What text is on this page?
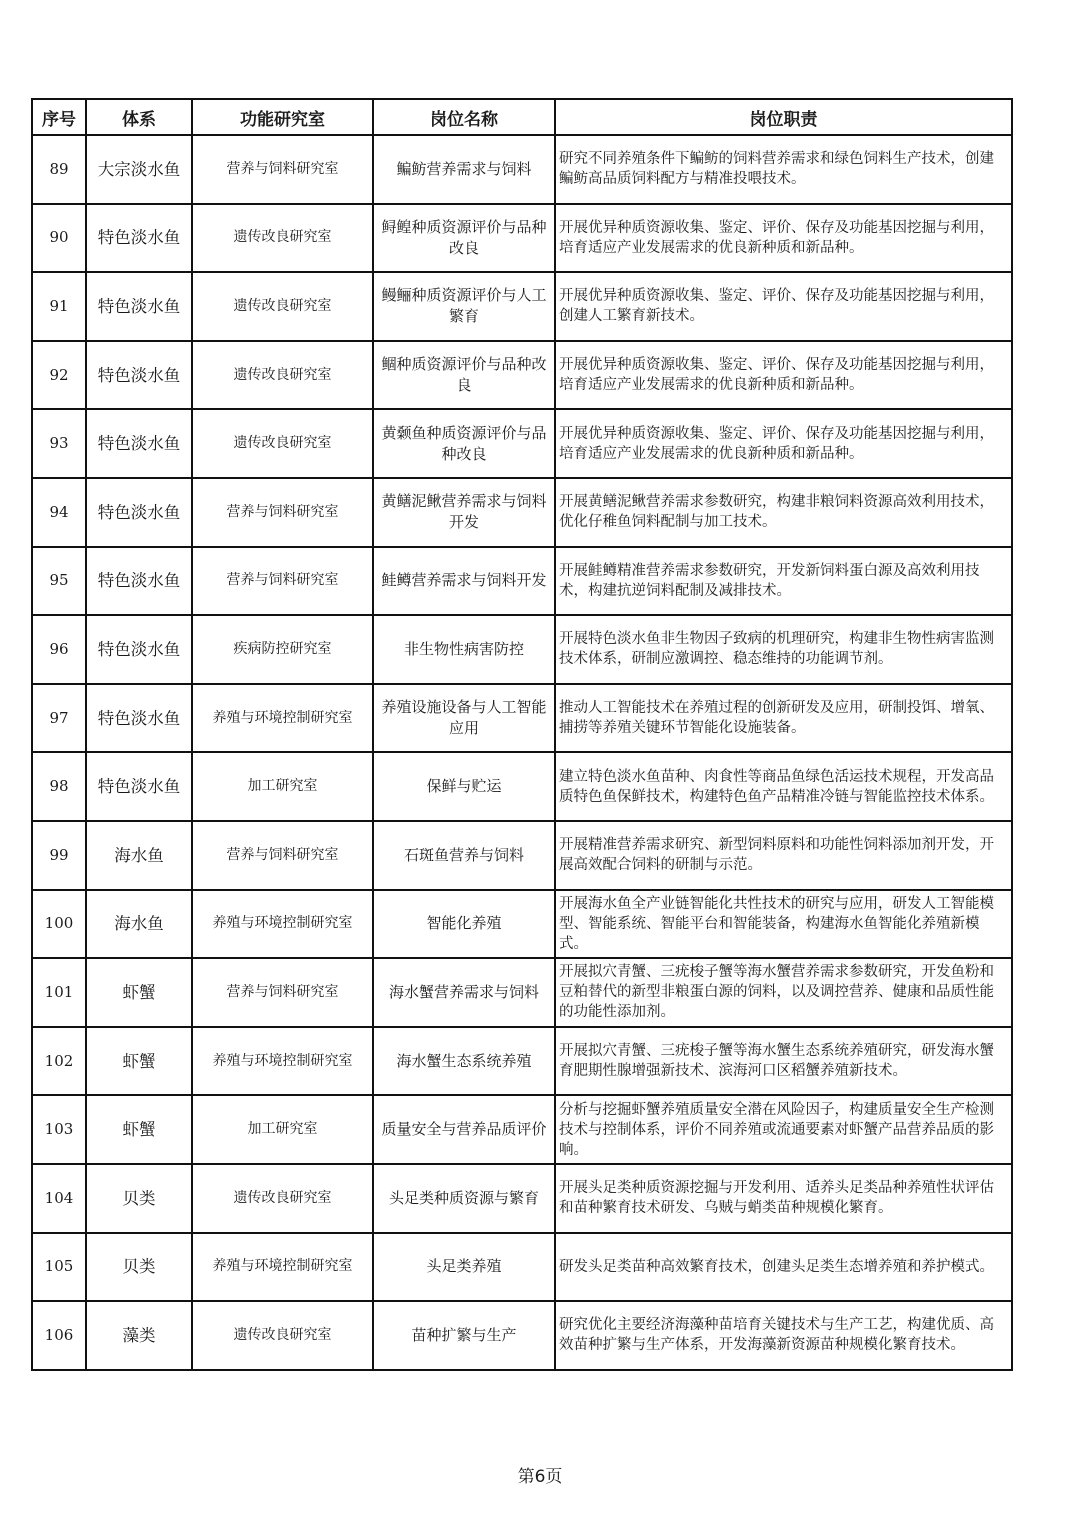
序号	体系	功能研究室	岗位名称	岗位职责
89	大宗淡水鱼	营养与饲料研究室	鳊鲂营养需求与饲料	研究不同养殖条件下鳊鲂的饲料营养需求和绿色饲料生产技术，创建鳊鲂高品质饲料配方与精准投喂技术。
90	特色淡水鱼	遗传改良研究室	鲟鳇种质资源评价与品种改良	开展优异种质资源收集、鉴定、评价、保存及功能基因挖掘与利用，培育适应产业发展需求的优良新种质和新品种。
91	特色淡水鱼	遗传改良研究室	鳗鲡种质资源评价与人工繁育	开展优异种质资源收集、鉴定、评价、保存及功能基因挖掘与利用，创建人工繁育新技术。
92	特色淡水鱼	遗传改良研究室	鲴种质资源评价与品种改良	开展优异种质资源收集、鉴定、评价、保存及功能基因挖掘与利用，培育适应产业发展需求的优良新种质和新品种。
93	特色淡水鱼	遗传改良研究室	黄颡鱼种质资源评价与品种改良	开展优异种质资源收集、鉴定、评价、保存及功能基因挖掘与利用，培育适应产业发展需求的优良新种质和新品种。
94	特色淡水鱼	营养与饲料研究室	黄鳝泥鳅营养需求与饲料开发	开展黄鳝泥鳅营养需求参数研究，构建非粮饲料资源高效利用技术，优化仔稚鱼饲料配制与加工技术。
95	特色淡水鱼	营养与饲料研究室	鲑鳟营养需求与饲料开发	开展鲑鳟精准营养需求参数研究，开发新饲料蛋白源及高效利用技术，构建抗逆饲料配制及减排技术。
96	特色淡水鱼	疾病防控研究室	非生物性病害防控	开展特色淡水鱼非生物因子致病的机理研究，构建非生物性病害监测技术体系，研制应激调控、稳态维持的功能调节剂。
97	特色淡水鱼	养殖与环境控制研究室	养殖设施设备与人工智能应用	推动人工智能技术在养殖过程的创新研发及应用，研制投饵、增氧、捕捞等养殖关键环节智能化设施装备。
98	特色淡水鱼	加工研究室	保鲜与贮运	建立特色淡水鱼苗种、肉食性等商品鱼绿色活运技术规程，开发高品质特色鱼保鲜技术，构建特色鱼产品精准冷链与智能监控技术体系。
99	海水鱼	营养与饲料研究室	石斑鱼营养与饲料	开展精准营养需求研究、新型饲料原料和功能性饲料添加剂开发，开展高效配合饲料的研制与示范。
100	海水鱼	养殖与环境控制研究室	智能化养殖	开展海水鱼全产业链智能化共性技术的研究与应用，研发人工智能模型、智能系统、智能平台和智能装备，构建海水鱼智能化养殖新模式。
101	虾蟹	营养与饲料研究室	海水蟹营养需求与饲料	开展拟穴青蟹、三疣梭子蟹等海水蟹营养需求参数研究，开发鱼粉和豆粕替代的新型非粮蛋白源的饲料，以及调控营养、健康和品质性能的功能性添加剂。
102	虾蟹	养殖与环境控制研究室	海水蟹生态系统养殖	开展拟穴青蟹、三疣梭子蟹等海水蟹生态系统养殖研究，研发海水蟹育肥期性腺增强新技术、滨海河口区稻蟹养殖新技术。
103	虾蟹	加工研究室	质量安全与营养品质评价	分析与挖掘虾蟹养殖质量安全潜在风险因子，构建质量安全生产检测技术与控制体系，评价不同养殖或流通要素对虾蟹产品营养品质的影响。
104	贝类	遗传改良研究室	头足类种质资源与繁育	开展头足类种质资源挖掘与开发利用、适养头足类品种养殖性状评估和苗种繁育技术研发、乌贼与蛸类苗种规模化繁育。
105	贝类	养殖与环境控制研究室	头足类养殖	研发头足类苗种高效繁育技术，创建头足类生态增养殖和养护模式。
106	藻类	遗传改良研究室	苗种扩繁与生产	研究优化主要经济海藻种苗培育关键技术与生产工艺，构建优质、高效苗种扩繁与生产体系，开发海藻新资源苗种规模化繁育技术。
第6页
